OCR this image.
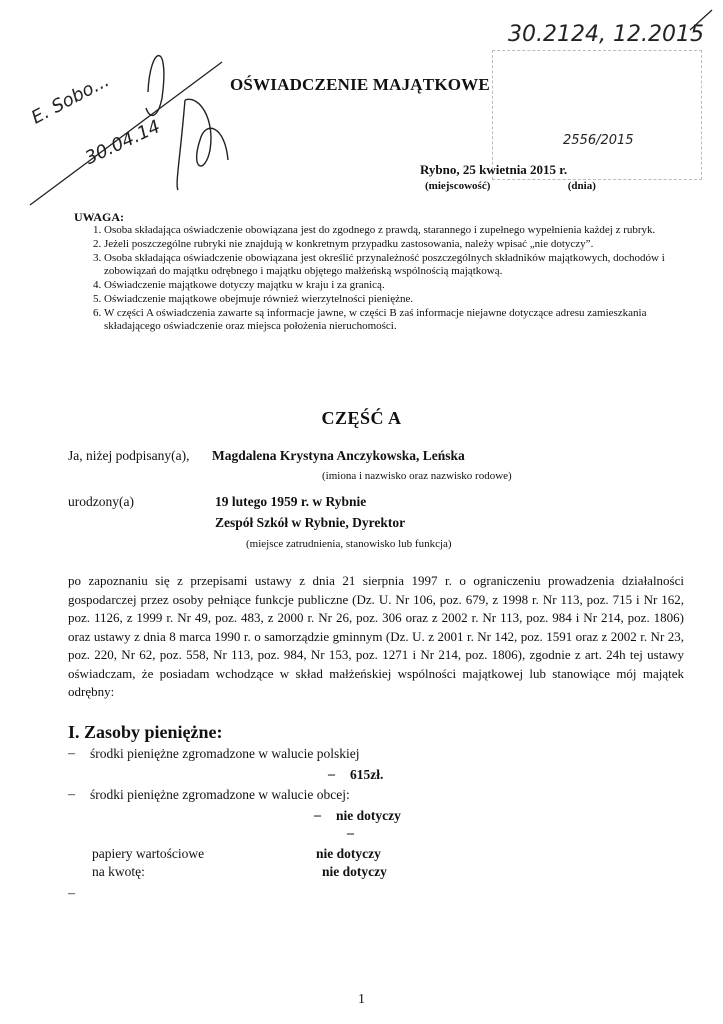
30.2124, 12.2015
E. Sobo...
30.04.14
OŚWIADCZENIE MAJĄTKOWE
2556/2015
Rybno, 25 kwietnia 2015 r.
(miejscowość)	(dnia)
UWAGA:
1. Osoba składająca oświadczenie obowiązana jest do zgodnego z prawdą, starannego i zupełnego wypełnienia każdej z rubryk.
2. Jeżeli poszczególne rubryki nie znajdują w konkretnym przypadku zastosowania, należy wpisać „nie dotyczy”.
3. Osoba składająca oświadczenie obowiązana jest określić przynależność poszczególnych składników majątkowych, dochodów i zobowiązań do majątku odrębnego i majątku objętego małżeńską wspólnością majątkową.
4. Oświadczenie majątkowe dotyczy majątku w kraju i za granicą.
5. Oświadczenie majątkowe obejmuje również wierzytelności pieniężne.
6. W części A oświadczenia zawarte są informacje jawne, w części B zaś informacje niejawne dotyczące adresu zamieszkania składającego oświadczenie oraz miejsca położenia nieruchomości.
CZĘŚĆ A
Ja, niżej podpisany(a), Magdalena Krystyna Anczykowska, Leńska
(imiona i nazwisko oraz nazwisko rodowe)
urodzony(a)	19 lutego 1959 r. w Rybnie
Zespół Szkół w Rybnie, Dyrektor
(miejsce zatrudnienia, stanowisko lub funkcja)
po zapoznaniu się z przepisami ustawy z dnia 21 sierpnia 1997 r. o ograniczeniu prowadzenia działalności gospodarczej przez osoby pełniące funkcje publiczne (Dz. U. Nr 106, poz. 679, z 1998 r. Nr 113, poz. 715 i Nr 162, poz. 1126, z 1999 r. Nr 49, poz. 483, z 2000 r. Nr 26, poz. 306 oraz z 2002 r. Nr 113, poz. 984 i Nr 214, poz. 1806) oraz ustawy z dnia 8 marca 1990 r. o samorządzie gminnym (Dz. U. z 2001 r. Nr 142, poz. 1591 oraz z 2002 r. Nr 23, poz. 220, Nr 62, poz. 558, Nr 113, poz. 984, Nr 153, poz. 1271 i Nr 214, poz. 1806), zgodnie z art. 24h tej ustawy oświadczam, że posiadam wchodzące w skład małżeńskiej wspólności majątkowej lub stanowiące mój majątek odrębny:
I. Zasoby pieniężne:
– środki pieniężne zgromadzone w walucie polskiej
– 615zł.
– środki pieniężne zgromadzone w walucie obcej:
– nie dotyczy
–
papiery wartościowe	nie dotyczy
na kwotę:	nie dotyczy
–
1
